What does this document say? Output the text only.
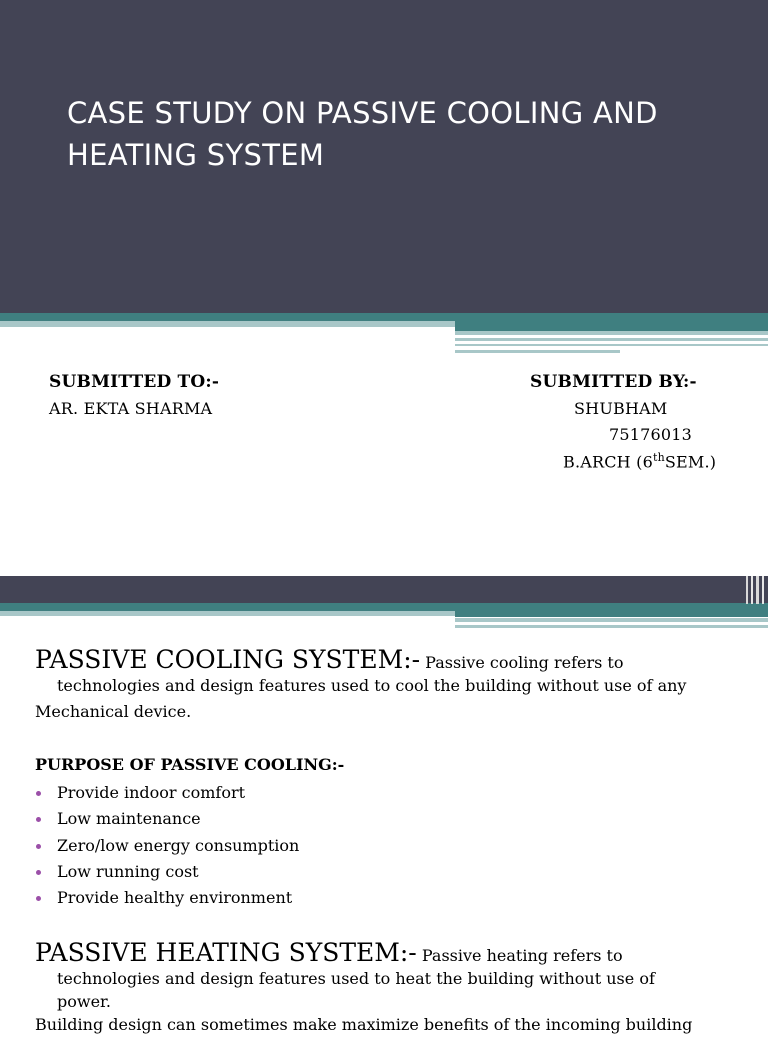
CASE STUDY ON PASSIVE COOLING AND
HEATING SYSTEM
SUBMITTED TO:-
AR. EKTA SHARMA
SUBMITTED BY:-
SHUBHAM
75176013
B.ARCH (6thSEM.)
PASSIVE COOLING SYSTEM:- Passive cooling refers to
technologies and design features used to cool the building without use of any
Mechanical device.
PURPOSE OF PASSIVE COOLING:-
Provide indoor comfort
Low maintenance
Zero/low energy consumption
Low running cost
Provide healthy environment
PASSIVE HEATING SYSTEM:- Passive heating refers to
technologies and design features used to heat the building without use of
power.
Building design can sometimes make maximize benefits of the incoming building
